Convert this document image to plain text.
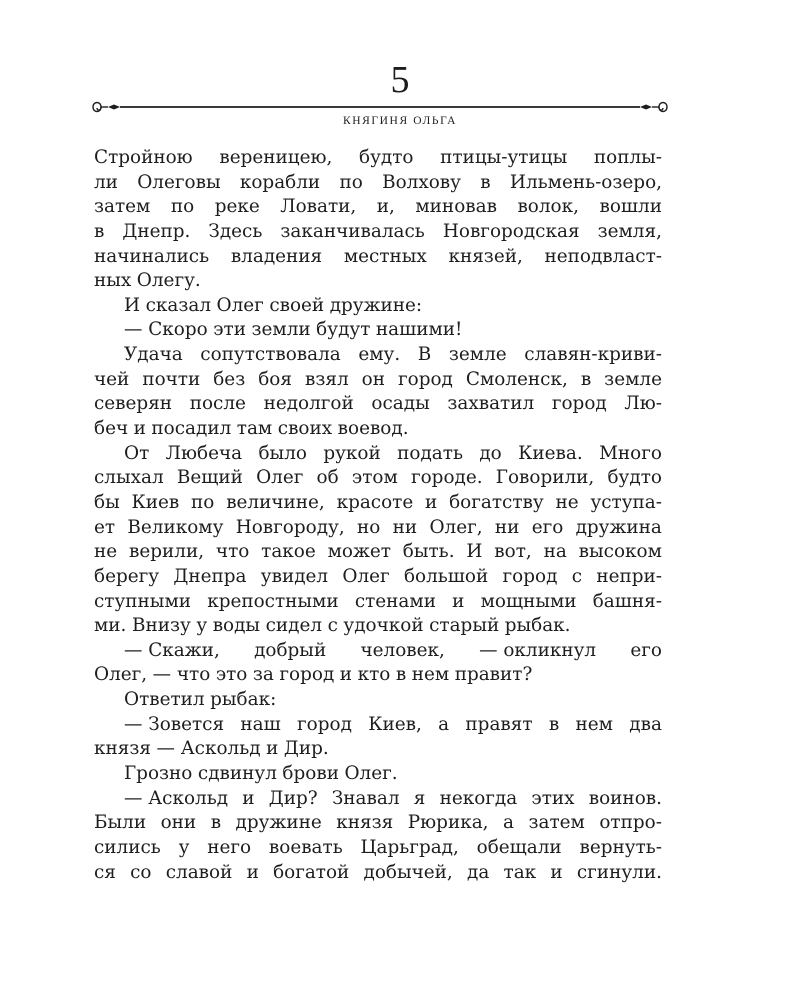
5
КНЯГИНЯ ОЛЬГА
Стройною вереницею, будто птицы-утицы поплы-
ли Олеговы корабли по Волхову в Ильмень-озеро,
затем по реке Ловати, и, миновав волок, вошли
в Днепр. Здесь заканчивалась Новгородская земля,
начинались владения местных князей, неподвласт-
ных Олегу.
И сказал Олег своей дружине:
— Скоро эти земли будут нашими!
Удача сопутствовала ему. В земле славян-криви-
чей почти без боя взял он город Смоленск, в земле
северян после недолгой осады захватил город Лю-
беч и посадил там своих воевод.
От Любеча было рукой подать до Киева. Много
слыхал Вещий Олег об этом городе. Говорили, будто
бы Киев по величине, красоте и богатству не уступа-
ет Великому Новгороду, но ни Олег, ни его дружина
не верили, что такое может быть. И вот, на высоком
берегу Днепра увидел Олег большой город с непри-
ступными крепостными стенами и мощными башня-
ми. Внизу у воды сидел с удочкой старый рыбак.
— Скажи, добрый человек, — окликнул его
Олег, — что это за город и кто в нем правит?
Ответил рыбак:
— Зовется наш город Киев, а правят в нем два
князя — Аскольд и Дир.
Грозно сдвинул брови Олег.
— Аскольд и Дир? Знавал я некогда этих воинов.
Были они в дружине князя Рюрика, а затем отпро-
сились у него воевать Царьград, обещали вернуть-
ся со славой и богатой добычей, да так и сгинули.
